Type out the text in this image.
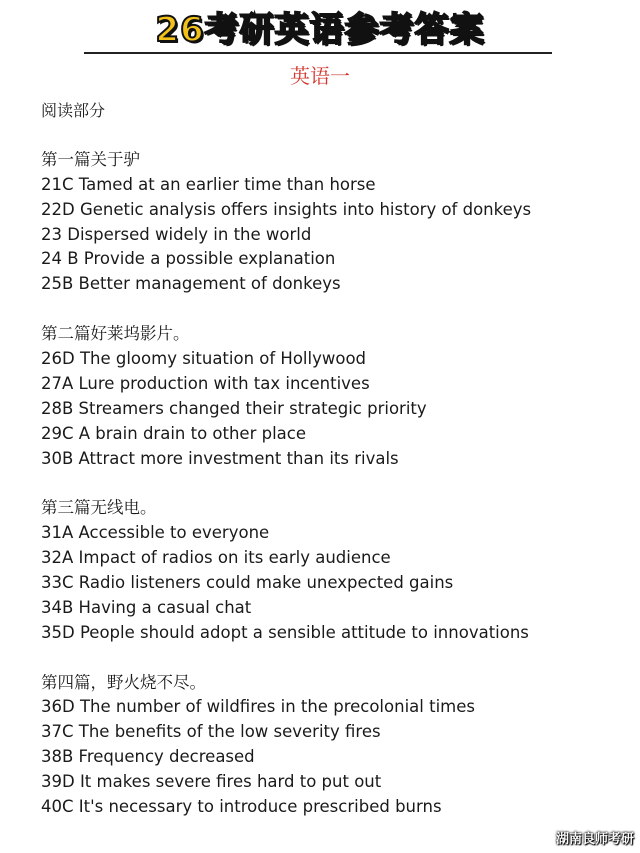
26考研英语参考答案
英语一
阅读部分
第一篇关于驴
21C Tamed at an earlier time than horse
22D Genetic analysis offers insights into history of donkeys
23 Dispersed widely in the world
24 B Provide a possible explanation
25B Better management of donkeys
第二篇好莱坞影片。
26D The gloomy situation of Hollywood
27A Lure production with tax incentives
28B Streamers changed their strategic priority
29C A brain drain to other place
30B Attract more investment than its rivals
第三篇无线电。
31A Accessible to everyone
32A Impact of radios on its early audience
33C Radio listeners could make unexpected gains
34B Having a casual chat
35D People should adopt a sensible attitude to innovations
第四篇，野火烧不尽。
36D The number of wildfires in the precolonial times
37C The benefits of the low severity fires
38B Frequency decreased
39D It makes severe fires hard to put out
40C It's necessary to introduce prescribed burns
湖南良师考研
